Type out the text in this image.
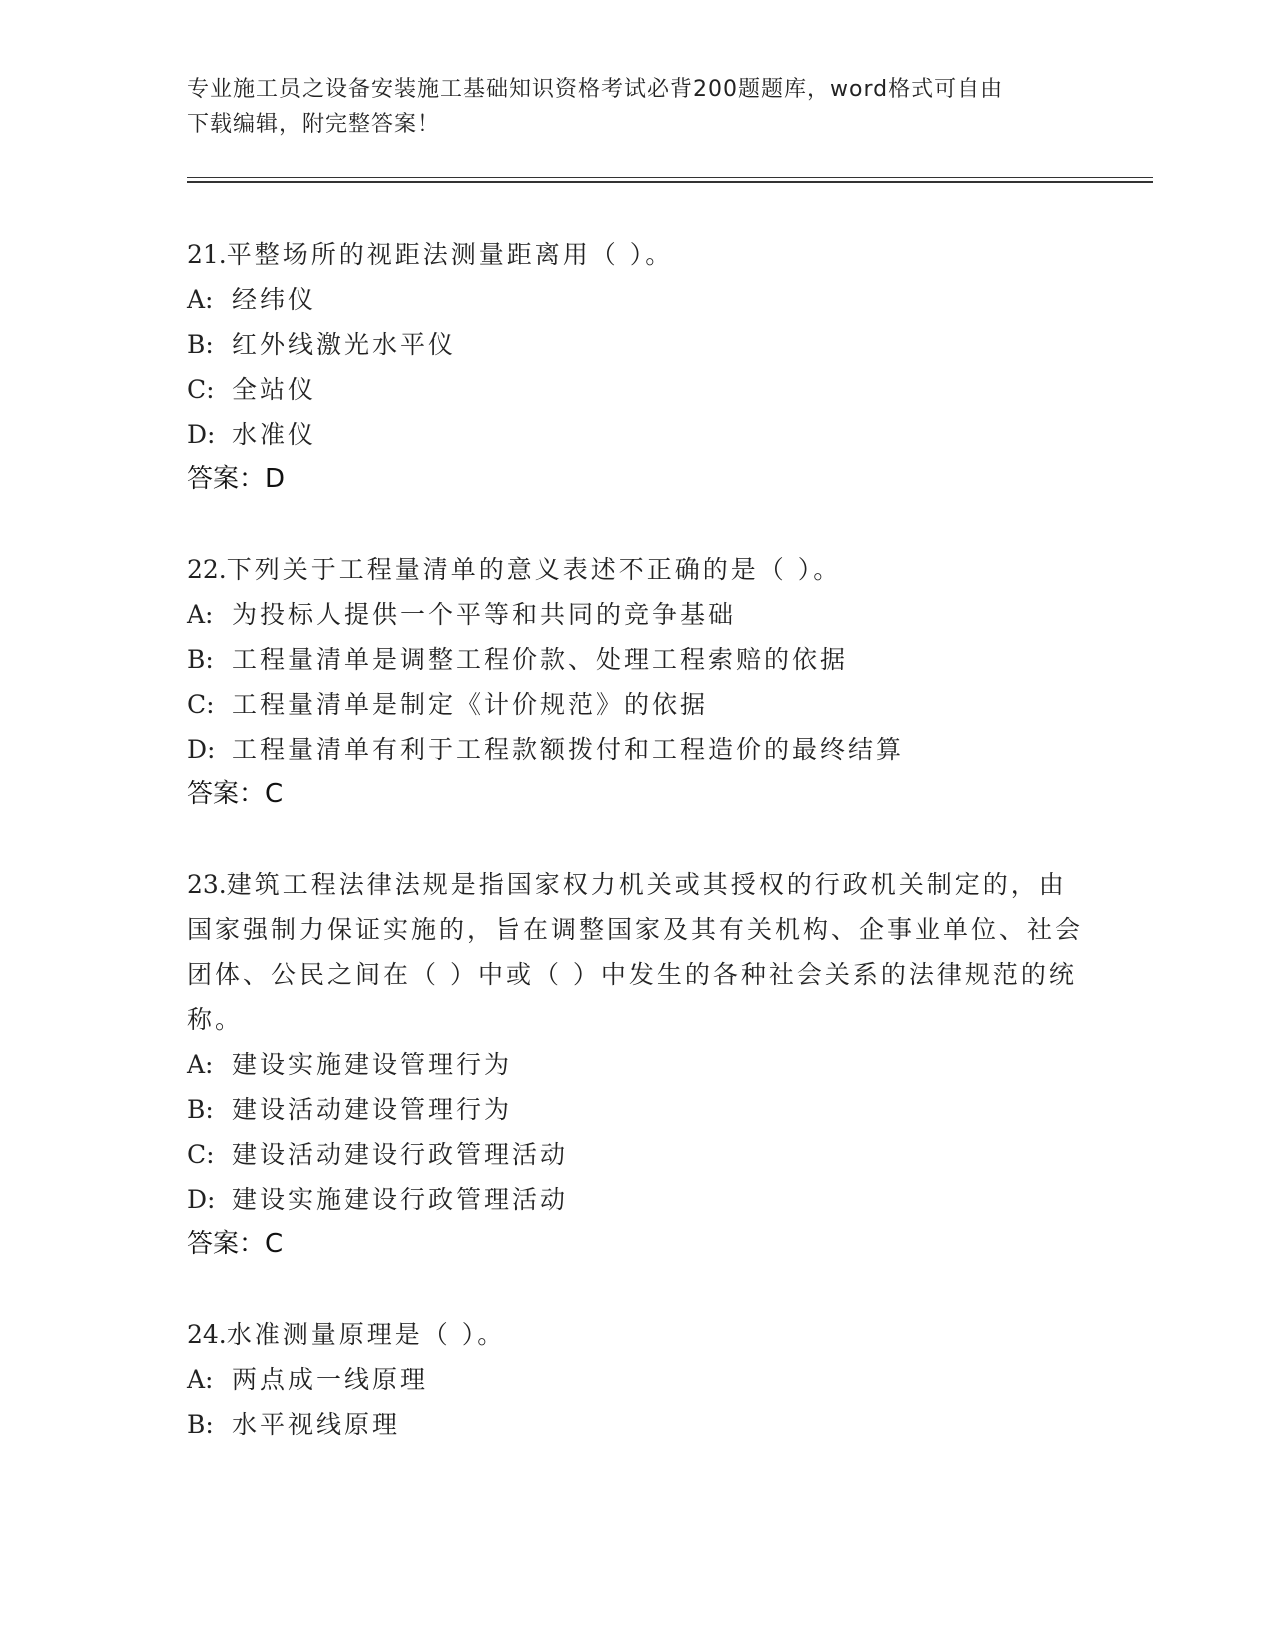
专业施工员之设备安装施工基础知识资格考试必背200题题库，word格式可自由
下载编辑，附完整答案！
21.平整场所的视距法测量距离用（ ）。
A: 经纬仪
B: 红外线激光水平仪
C: 全站仪
D: 水准仪
答案：D
22.下列关于工程量清单的意义表述不正确的是（ ）。
A: 为投标人提供一个平等和共同的竞争基础
B: 工程量清单是调整工程价款、处理工程索赔的依据
C: 工程量清单是制定《计价规范》的依据
D: 工程量清单有利于工程款额拨付和工程造价的最终结算
答案：C
23.建筑工程法律法规是指国家权力机关或其授权的行政机关制定的，由国家强制力保证实施的，旨在调整国家及其有关机构、企事业单位、社会团体、公民之间在（ ）中或（ ）中发生的各种社会关系的法律规范的统称。
A: 建设实施建设管理行为
B: 建设活动建设管理行为
C: 建设活动建设行政管理活动
D: 建设实施建设行政管理活动
答案：C
24.水准测量原理是（ ）。
A: 两点成一线原理
B: 水平视线原理
